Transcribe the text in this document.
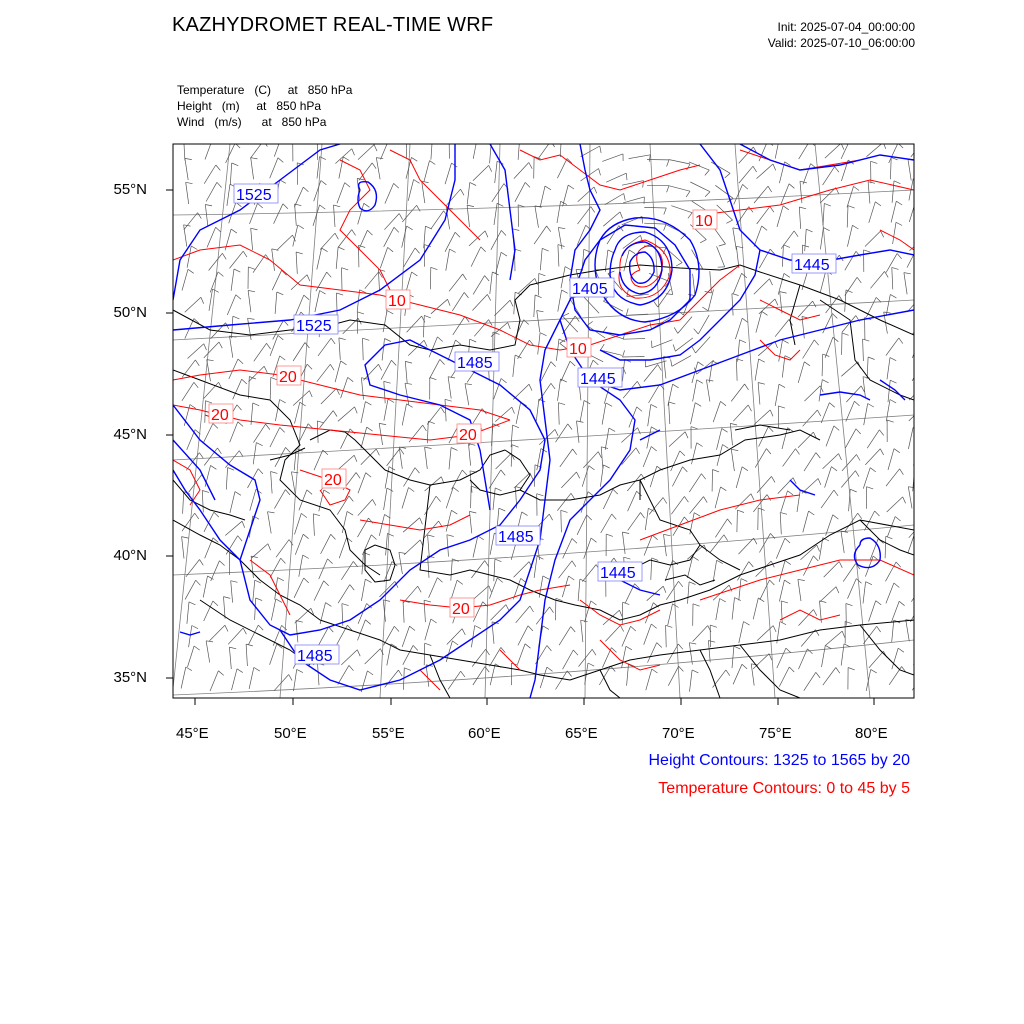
KAZHYDROMET REAL-TIME WRF	Init: 2025-07-04_00:00:00
Valid: 2025-07-10_06:00:00
Temperature   (C)     at   850 hPa
Height   (m)     at   850 hPa
Wind   (m/s)      at   850 hPa
1525
1525
1485
1405
1445
1445
1485
1445
1485
10
10
10
20
20
20
20
20
55°N
50°N
45°N
40°N
35°N
45°E	50°E	55°E	60°E	65°E	70°E	75°E	80°E
Height Contours: 1325 to 1565 by 20
Temperature Contours: 0 to 45 by 5
